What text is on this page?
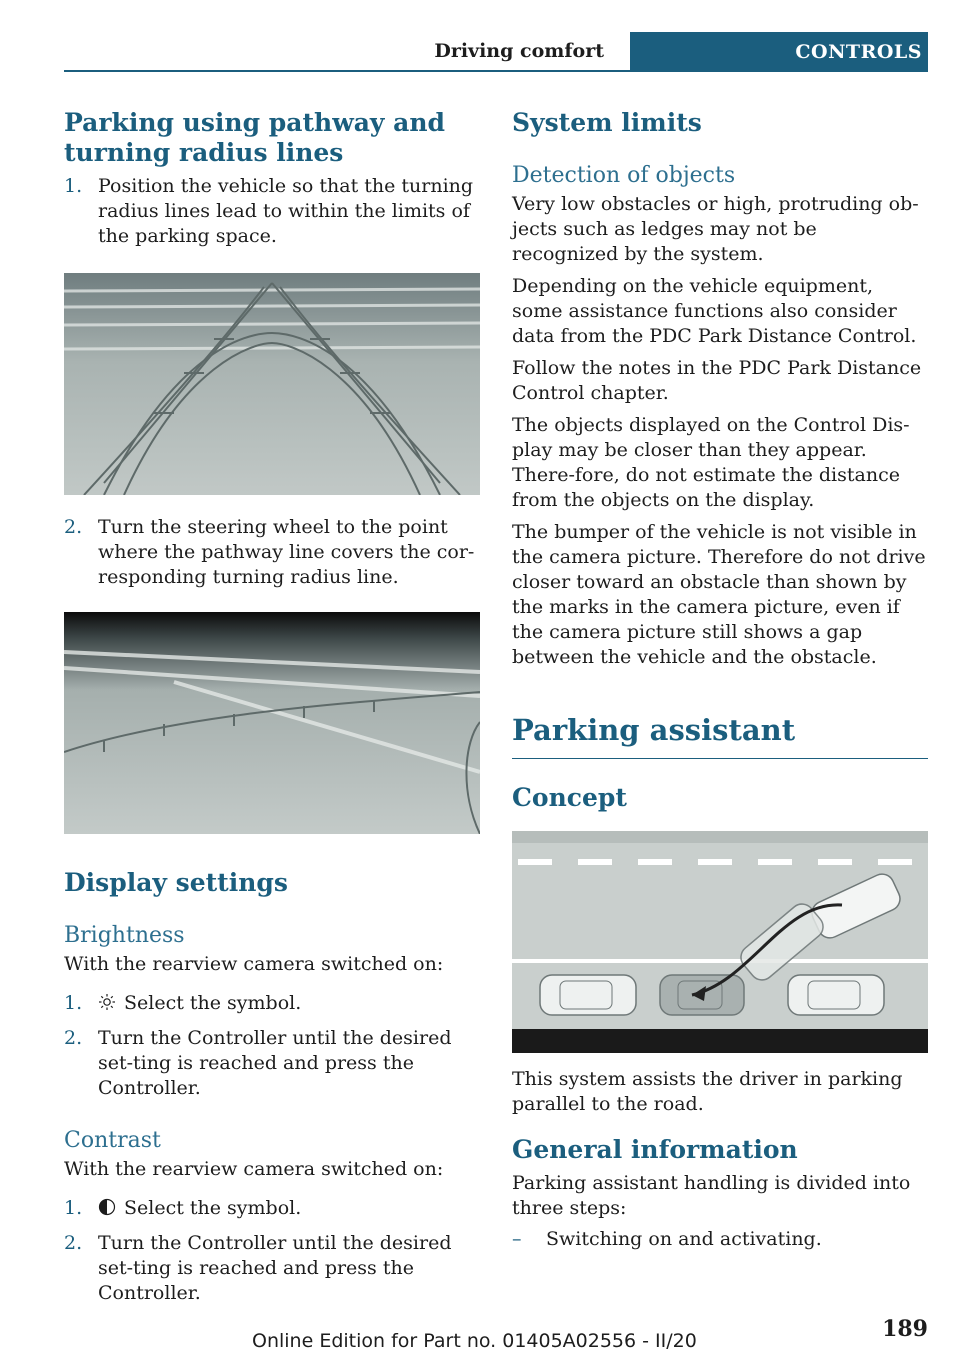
Driving comfort	CONTROLS
Parking using pathway and turning radius lines
1. Position the vehicle so that the turning radius lines lead to within the limits of the parking space.
2. Turn the steering wheel to the point where the pathway line covers the cor-responding turning radius line.
Display settings
Brightness

With the rearview camera switched on:

1. Select the symbol.
2. Turn the Controller until the desired set-ting is reached and press the Controller.
Contrast

With the rearview camera switched on:

1. Select the symbol.
2. Turn the Controller until the desired set-ting is reached and press the Controller.
System limits
Detection of objects

Very low obstacles or high, protruding ob-jects such as ledges may not be recognized by the system.

Depending on the vehicle equipment, some assistance functions also consider data from the PDC Park Distance Control.

Follow the notes in the PDC Park Distance Control chapter.

The objects displayed on the Control Dis-play may be closer than they appear. There-fore, do not estimate the distance from the objects on the display.

The bumper of the vehicle is not visible in the camera picture. Therefore do not drive closer toward an obstacle than shown by the marks in the camera picture, even if the camera picture still shows a gap between the vehicle and the obstacle.

Parking assistant
Concept

This system assists the driver in parking parallel to the road.

General information

Parking assistant handling is divided into three steps:

– Switching on and activating.
Online Edition for Part no. 01405A02556 - II/20	189
